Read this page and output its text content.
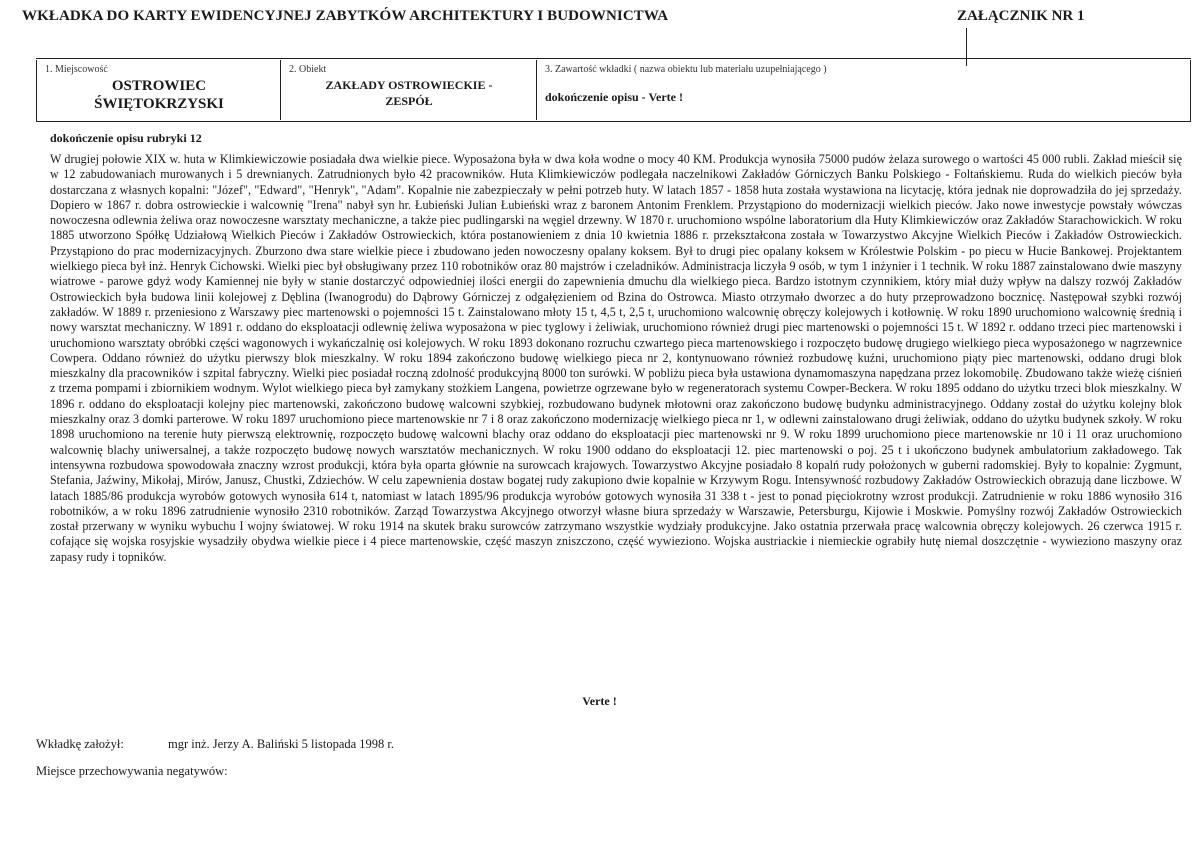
WKŁADKA DO KARTY EWIDENCYJNEJ ZABYTKÓW ARCHITEKTURY I BUDOWNICTWA	ZAŁĄCZNIK NR 1
1. Miejscowość
OSTROWIEC
ŚWIĘTOKRZYSKI
2. Obiekt
ZAKŁADY OSTROWIECKIE -
ZESPÓŁ
3. Zawartość wkładki ( nazwa obiektu lub materiału uzupełniającego )
dokończenie opisu - Verte !
dokończenie opisu rubryki 12
W drugiej połowie XIX w. huta w Klimkiewiczowie posiadała dwa wielkie piece. Wyposażona była w dwa koła wodne o mocy 40 KM. Produkcja wynosiła 75000 pudów żelaza surowego o wartości 45 000 rubli. Zakład mieścił się w 12 zabudowaniach murowanych i 5 drewnianych. Zatrudnionych było 42 pracowników. Huta Klimkiewiczów podlegała naczelnikowi Zakładów Górniczych Banku Polskiego - Foltańskiemu. Ruda do wielkich pieców była dostarczana z własnych kopalni: "Józef", "Edward", "Henryk", "Adam". Kopalnie nie zabezpieczały w pełni potrzeb huty. W latach 1857 - 1858 huta została wystawiona na licytację, która jednak nie doprowadziła do jej sprzedaży. Dopiero w 1867 r. dobra ostrowieckie i walcownię "Irena" nabył syn hr. Łubieński Julian Łubieński wraz z baronem Antonim Frenklem. Przystąpiono do modernizacji wielkich pieców. Jako nowe inwestycje powstały wówczas nowoczesna odlewnia żeliwa oraz nowoczesne warsztaty mechaniczne, a także piec pudlingarski na węgiel drzewny. W 1870 r. uruchomiono wspólne laboratorium dla Huty Klimkiewiczów oraz Zakładów Starachowickich. W roku 1885 utworzono Spółkę Udziałową Wielkich Pieców i Zakładów Ostrowieckich, która postanowieniem z dnia 10 kwietnia 1886 r. przekształcona została w Towarzystwo Akcyjne Wielkich Pieców i Zakładów Ostrowieckich. Przystąpiono do prac modernizacyjnych. Zburzono dwa stare wielkie piece i zbudowano jeden nowoczesny opalany koksem. Był to drugi piec opalany koksem w Królestwie Polskim - po piecu w Hucie Bankowej. Projektantem wielkiego pieca był inż. Henryk Cichowski. Wielki piec był obsługiwany przez 110 robotników oraz 80 majstrów i czeladników. Administracja liczyła 9 osób, w tym 1 inżynier i 1 technik. W roku 1887 zainstalowano dwie maszyny wiatrowe - parowe gdyż wody Kamiennej nie były w stanie dostarczyć odpowiedniej ilości energii do zapewnienia dmuchu dla wielkiego pieca. Bardzo istotnym czynnikiem, który miał duży wpływ na dalszy rozwój Zakładów Ostrowieckich była budowa linii kolejowej z Dęblina (Iwanogrodu) do Dąbrowy Górniczej z odgałęzieniem od Bzina do Ostrowca. Miasto otrzymało dworzec a do huty przeprowadzono bocznicę. Następował szybki rozwój zakładów. W 1889 r. przeniesiono z Warszawy piec martenowski o pojemności 15 t. Zainstalowano młoty 15 t, 4,5 t, 2,5 t, uruchomiono walcownię obręczy kolejowych i kotłownię. W roku 1890 uruchomiono walcownię średnią i nowy warsztat mechaniczny. W 1891 r. oddano do eksploatacji odlewnię żeliwa wyposażona w piec tyglowy i żeliwiak, uruchomiono również drugi piec martenowski o pojemności 15 t. W 1892 r. oddano trzeci piec martenowski i uruchomiono warsztaty obróbki części wagonowych i wykańczalnię osi kolejowych. W roku 1893 dokonano rozruchu czwartego pieca martenowskiego i rozpoczęto budowę drugiego wielkiego pieca wyposażonego w nagrzewnice Cowpera. Oddano również do użytku pierwszy blok mieszkalny. W roku 1894 zakończono budowę wielkiego pieca nr 2, kontynuowano również rozbudowę kuźni, uruchomiono piąty piec martenowski, oddano drugi blok mieszkalny dla pracowników i szpital fabryczny. Wielki piec posiadał roczną zdolność produkcyjną 8000 ton surówki. W pobliżu pieca była ustawiona dynamomaszyna napędzana przez lokomobilę. Zbudowano także wieżę ciśnień z trzema pompami i zbiornikiem wodnym. Wylot wielkiego pieca był zamykany stożkiem Langena, powietrze ogrzewane było w regeneratorach systemu Cowper-Beckera. W roku 1895 oddano do użytku trzeci blok mieszkalny. W 1896 r. oddano do eksploatacji kolejny piec martenowski, zakończono budowę walcowni szybkiej, rozbudowano budynek młotowni oraz zakończono budowę budynku administracyjnego. Oddany został do użytku kolejny blok mieszkalny oraz 3 domki parterowe. W roku 1897 uruchomiono piece martenowskie nr 7 i 8 oraz zakończono modernizację wielkiego pieca nr 1, w odlewni zainstalowano drugi żeliwiak, oddano do użytku budynek szkoły. W roku 1898 uruchomiono na terenie huty pierwszą elektrownię, rozpoczęto budowę walcowni blachy oraz oddano do eksploatacji piec martenowski nr 9. W roku 1899 uruchomiono piece martenowskie nr 10 i 11 oraz uruchomiono walcownię blachy uniwersalnej, a także rozpoczęto budowę nowych warsztatów mechanicznych. W roku 1900 oddano do eksploatacji 12. piec martenowski o poj. 25 t i ukończono budynek ambulatorium zakładowego. Tak intensywna rozbudowa spowodowała znaczny wzrost produkcji, która była oparta głównie na surowcach krajowych. Towarzystwo Akcyjne posiadało 8 kopalń rudy położonych w guberni radomskiej. Były to kopalnie: Zygmunt, Stefania, Jaźwiny, Mikołaj, Mirów, Janusz, Chustki, Zdziechów. W celu zapewnienia dostaw bogatej rudy zakupiono dwie kopalnie w Krzywym Rogu. Intensywność rozbudowy Zakładów Ostrowieckich obrazują dane liczbowe. W latach 1885/86 produkcja wyrobów gotowych wynosiła 614 t, natomiast w latach 1895/96 produkcja wyrobów gotowych wynosiła 31 338 t - jest to ponad pięciokrotny wzrost produkcji. Zatrudnienie w roku 1886 wynosiło 316 robotników, a w roku 1896 zatrudnienie wynosiło 2310 robotników. Zarząd Towarzystwa Akcyjnego otworzył własne biura sprzedaży w Warszawie, Petersburgu, Kijowie i Moskwie. Pomyślny rozwój Zakładów Ostrowieckich został przerwany w wyniku wybuchu I wojny światowej. W roku 1914 na skutek braku surowców zatrzymano wszystkie wydziały produkcyjne. Jako ostatnia przerwała pracę walcownia obręczy kolejowych. 26 czerwca 1915 r. cofające się wojska rosyjskie wysadziły obydwa wielkie piece i 4 piece martenowskie, część maszyn zniszczono, część wywieziono. Wojska austriackie i niemieckie ograbiły hutę niemal doszczętnie - wywieziono maszyny oraz zapasy rudy i topników.
Verte !
Wkładkę założył:	mgr inż. Jerzy A. Baliński 5 listopada 1998 r.
Miejsce przechowywania negatywów:
